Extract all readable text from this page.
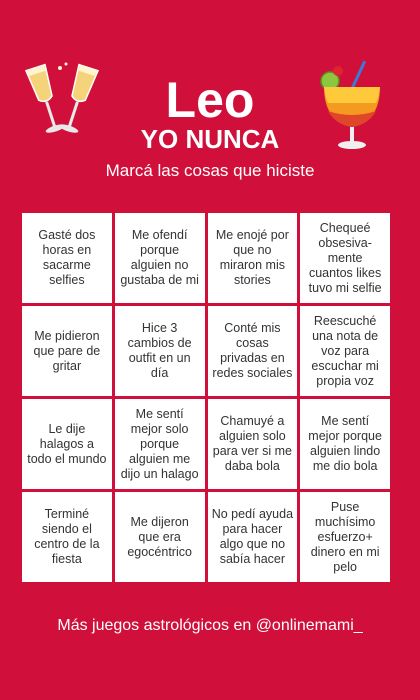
Leo
YO NUNCA
Marcá las cosas que hiciste
Gasté dos horas en sacarme selfies
Me ofendí porque alguien no gustaba de mi
Me enojé por que no miraron mis stories
Chequeé obsesiva-mente cuantos likes tuvo mi selfie
Me pidieron que pare de gritar
Hice 3 cambios de outfit en un día
Conté mis cosas privadas en redes sociales
Reescuché una nota de voz para escuchar mi propia voz
Le dije halagos a todo el mundo
Me sentí mejor solo porque alguien me dijo un halago
Chamuyé a alguien solo para ver si me daba bola
Me sentí mejor porque alguien lindo me dio bola
Terminé siendo el centro de la fiesta
Me dijeron que era egocéntrico
No pedí ayuda para hacer algo que no sabía hacer
Puse muchísimo esfuerzo+ dinero en mi pelo
Más juegos astrológicos en @onlinemami_
